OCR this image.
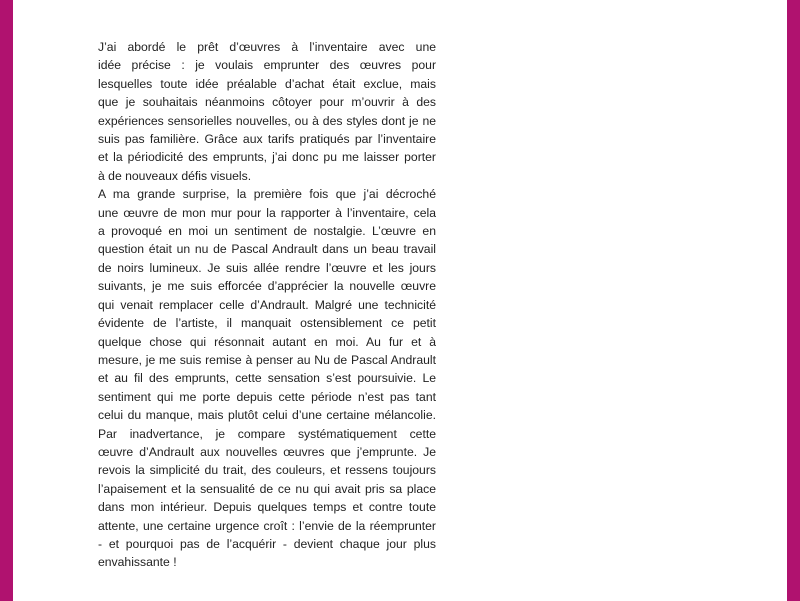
J’ai abordé le prêt d’œuvres à l’inventaire avec une
idée précise : je voulais emprunter des œuvres pour
lesquelles toute idée préalable d’achat était exclue, mais
que je souhaitais néanmoins côtoyer pour m’ouvrir à des
expériences sensorielles nouvelles, ou à des styles dont je ne
suis pas familière. Grâce aux tarifs pratiqués par l’inventaire
et la périodicité des emprunts, j’ai donc pu me laisser porter
à de nouveaux défis visuels.

A ma grande surprise, la première fois que j’ai décroché
une œuvre de mon mur pour la rapporter à l’inventaire, cela
a provoqué en moi un sentiment de nostalgie. L’œuvre en
question était un nu de Pascal Andrault dans un beau travail
de noirs lumineux. Je suis allée rendre l’œuvre et les jours
suivants, je me suis efforcée d’apprécier la nouvelle œuvre
qui venait remplacer celle d’Andrault. Malgré une technicité
évidente de l’artiste, il manquait ostensiblement ce petit
quelque chose qui résonnait autant en moi. Au fur et à
mesure, je me suis remise à penser au Nu de Pascal Andrault
et au fil des emprunts, cette sensation s’est poursuivie. Le
sentiment qui me porte depuis cette période n’est pas tant
celui du manque, mais plutôt celui d’une certaine mélancolie.
Par inadvertance, je compare systématiquement cette
œuvre d’Andrault aux nouvelles œuvres que j’emprunte. Je
revois la simplicité du trait, des couleurs, et ressens toujours
l’apaisement et la sensualité de ce nu qui avait pris sa place
dans mon intérieur. Depuis quelques temps et contre toute
attente, une certaine urgence croît : l’envie de la réemprunter
- et pourquoi pas de l’acquérir - devient chaque jour plus
envahissante !
